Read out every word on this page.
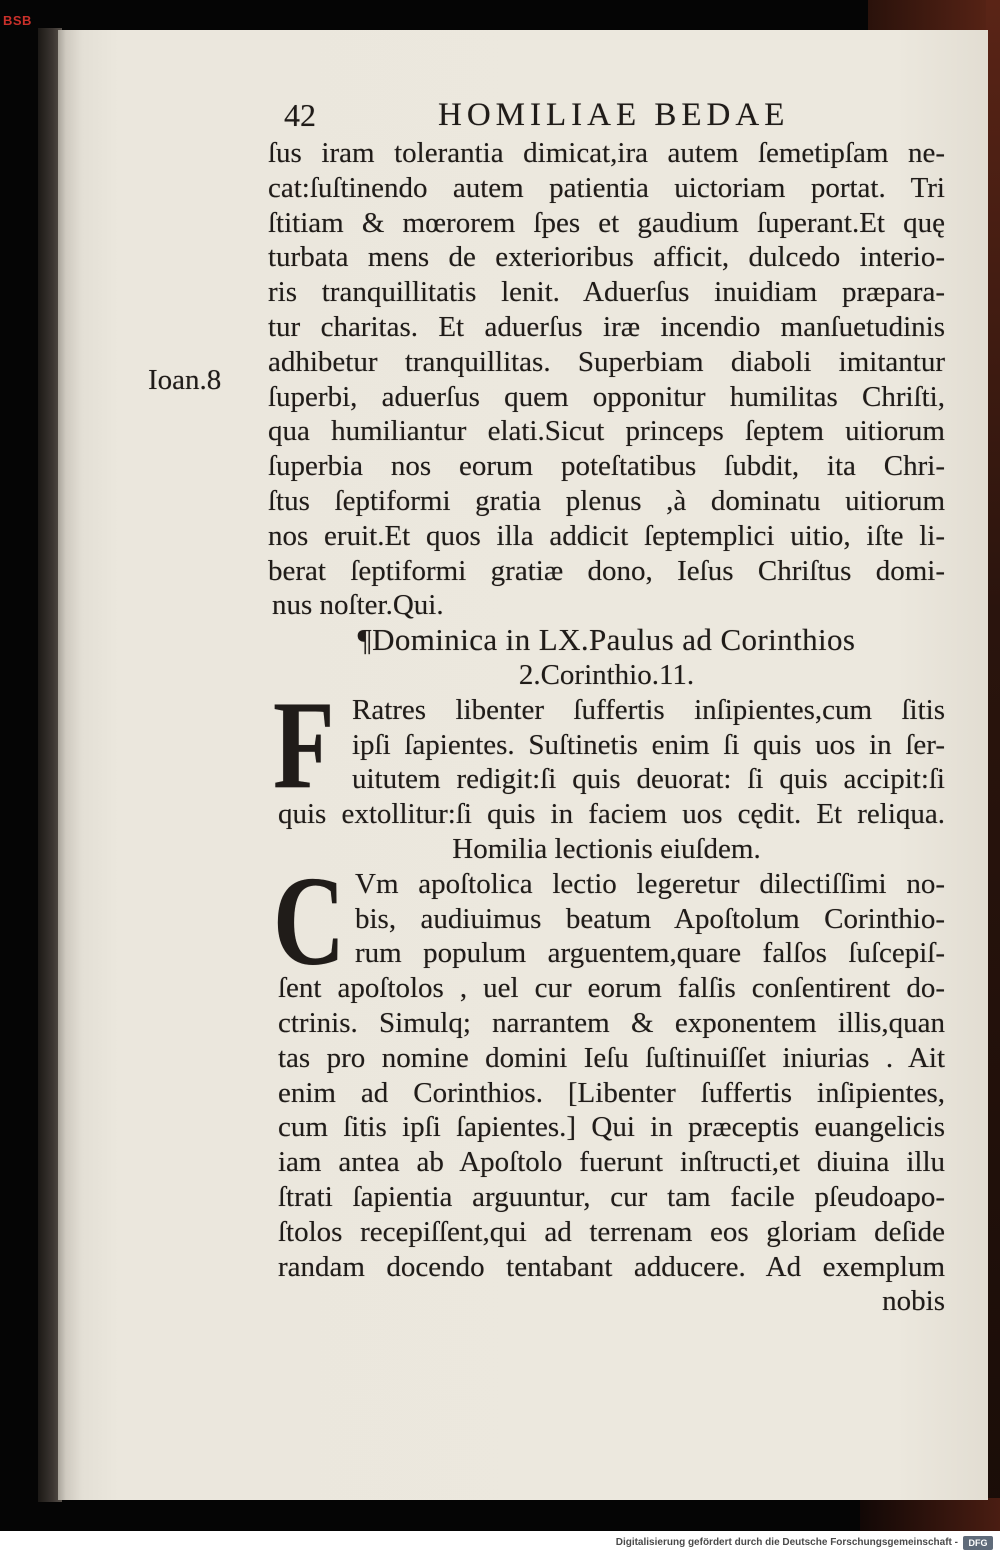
BSB
42	HOMILIAE BEDAE
Ioan.8
F
C
ſus iram tolerantia dimicat,ira autem ſemetipſam ne-
cat:ſuſtinendo autem patientia uictoriam portat. Tri
ſtitiam & mœrorem ſpes et gaudium ſuperant.Et quę
turbata mens de exterioribus afficit, dulcedo interio-
ris tranquillitatis lenit. Aduerſus inuidiam præpara-
tur charitas. Et aduerſus iræ incendio manſuetudinis
adhibetur tranquillitas. Superbiam diaboli imitantur
ſuperbi, aduerſus quem opponitur humilitas Chriſti,
qua humiliantur elati.Sicut princeps ſeptem uitiorum
ſuperbia nos eorum poteſtatibus ſubdit, ita Chri-
ſtus ſeptiformi gratia plenus ,à dominatu uitiorum
nos eruit.Et quos illa addicit ſeptemplici uitio, iſte li-
berat ſeptiformi gratiæ dono, Ieſus Chriſtus domi-
nus noſter.Qui.
¶Dominica in LX.Paulus ad Corinthios
2.Corinthio.11.
Ratres libenter ſuffertis inſipientes,cum ſitis
ipſi ſapientes. Suſtinetis enim ſi quis uos in ſer-
uitutem redigit:ſi quis deuorat: ſi quis accipit:ſi
quis extollitur:ſi quis in faciem uos cędit. Et reliqua.
Homilia lectionis eiuſdem.
Vm apoſtolica lectio legeretur dilectiſſimi no-
bis, audiuimus beatum Apoſtolum Corinthio-
rum populum arguentem,quare falſos ſuſcepiſ-
ſent apoſtolos , uel cur eorum falſis conſentirent do-
ctrinis. Simulq; narrantem & exponentem illis,quan
tas pro nomine domini Ieſu ſuſtinuiſſet iniurias . Ait
enim ad Corinthios. [Libenter ſuffertis inſipientes,
cum ſitis ipſi ſapientes.] Qui in præceptis euangelicis
iam antea ab Apoſtolo fuerunt inſtructi,et diuina illu
ſtrati ſapientia arguuntur, cur tam facile pſeudoapo-
ſtolos recepiſſent,qui ad terrenam eos gloriam deſide
randam docendo tentabant adducere. Ad exemplum
nobis
Digitalisierung gefördert durch die Deutsche Forschungsgemeinschaft -	DFG
